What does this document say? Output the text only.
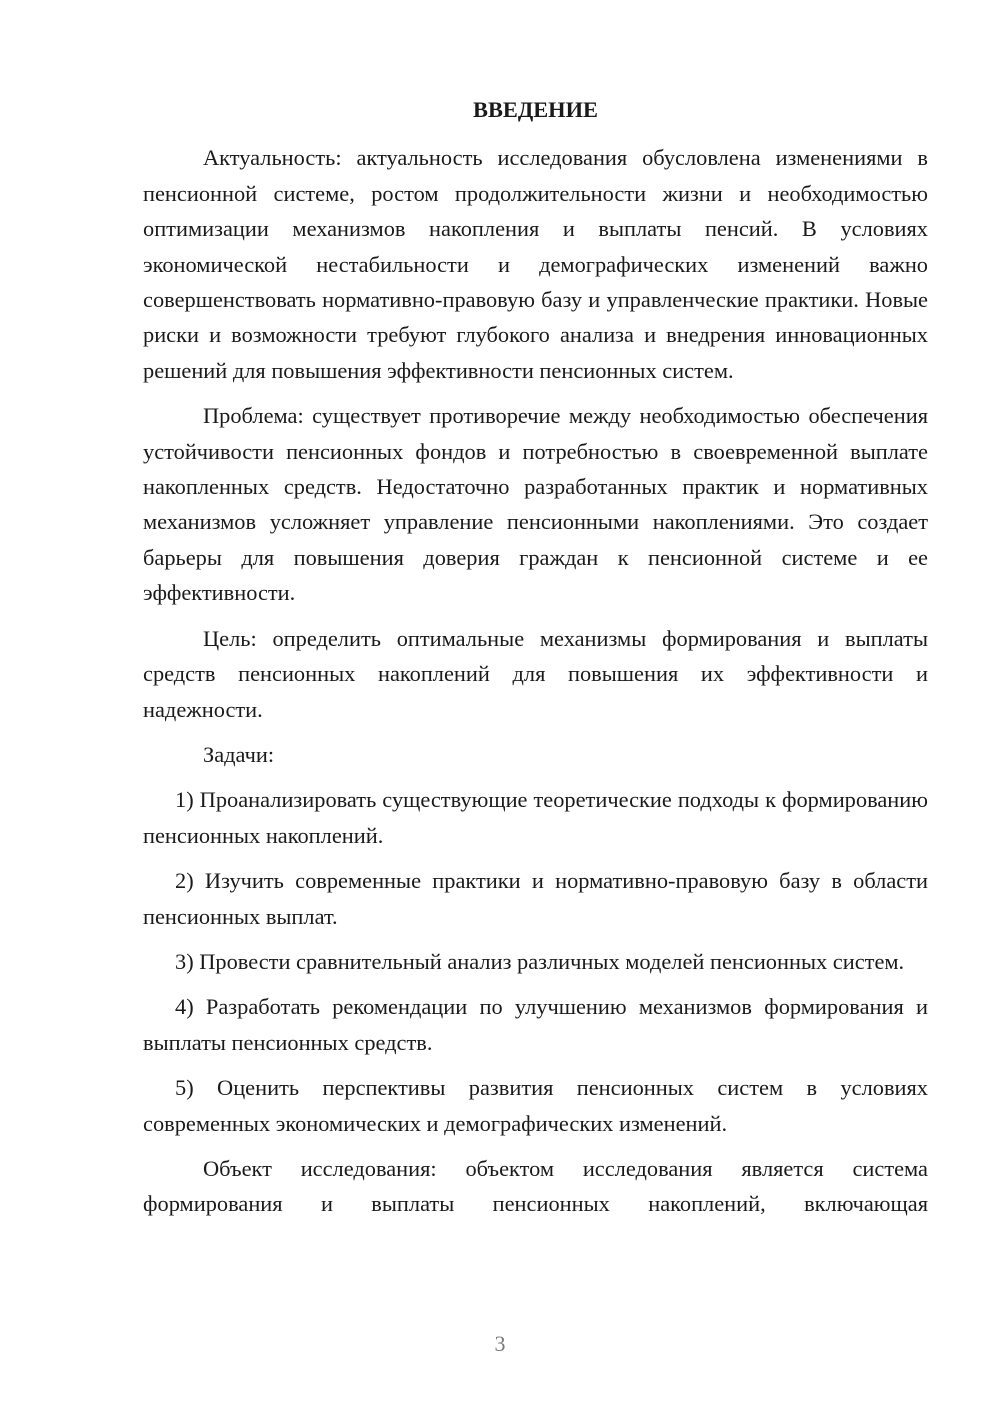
ВВЕДЕНИЕ

Актуальность: актуальность исследования обусловлена изменениями в пенсионной системе, ростом продолжительности жизни и необходимостью оптимизации механизмов накопления и выплаты пенсий. В условиях экономической нестабильности и демографических изменений важно совершенствовать нормативно-правовую базу и управленческие практики. Новые риски и возможности требуют глубокого анализа и внедрения инновационных решений для повышения эффективности пенсионных систем.

Проблема: существует противоречие между необходимостью обеспечения устойчивости пенсионных фондов и потребностью в своевременной выплате накопленных средств. Недостаточно разработанных практик и нормативных механизмов усложняет управление пенсионными накоплениями. Это создает барьеры для повышения доверия граждан к пенсионной системе и ее эффективности.

Цель: определить оптимальные механизмы формирования и выплаты средств пенсионных накоплений для повышения их эффективности и надежности.

Задачи:

1) Проанализировать существующие теоретические подходы к формированию пенсионных накоплений.

2) Изучить современные практики и нормативно-правовую базу в области пенсионных выплат.

3) Провести сравнительный анализ различных моделей пенсионных систем.

4) Разработать рекомендации по улучшению механизмов формирования и выплаты пенсионных средств.

5) Оценить перспективы развития пенсионных систем в условиях современных экономических и демографических изменений.

Объект исследования: объектом исследования является система формирования и выплаты пенсионных накоплений, включающая

3
